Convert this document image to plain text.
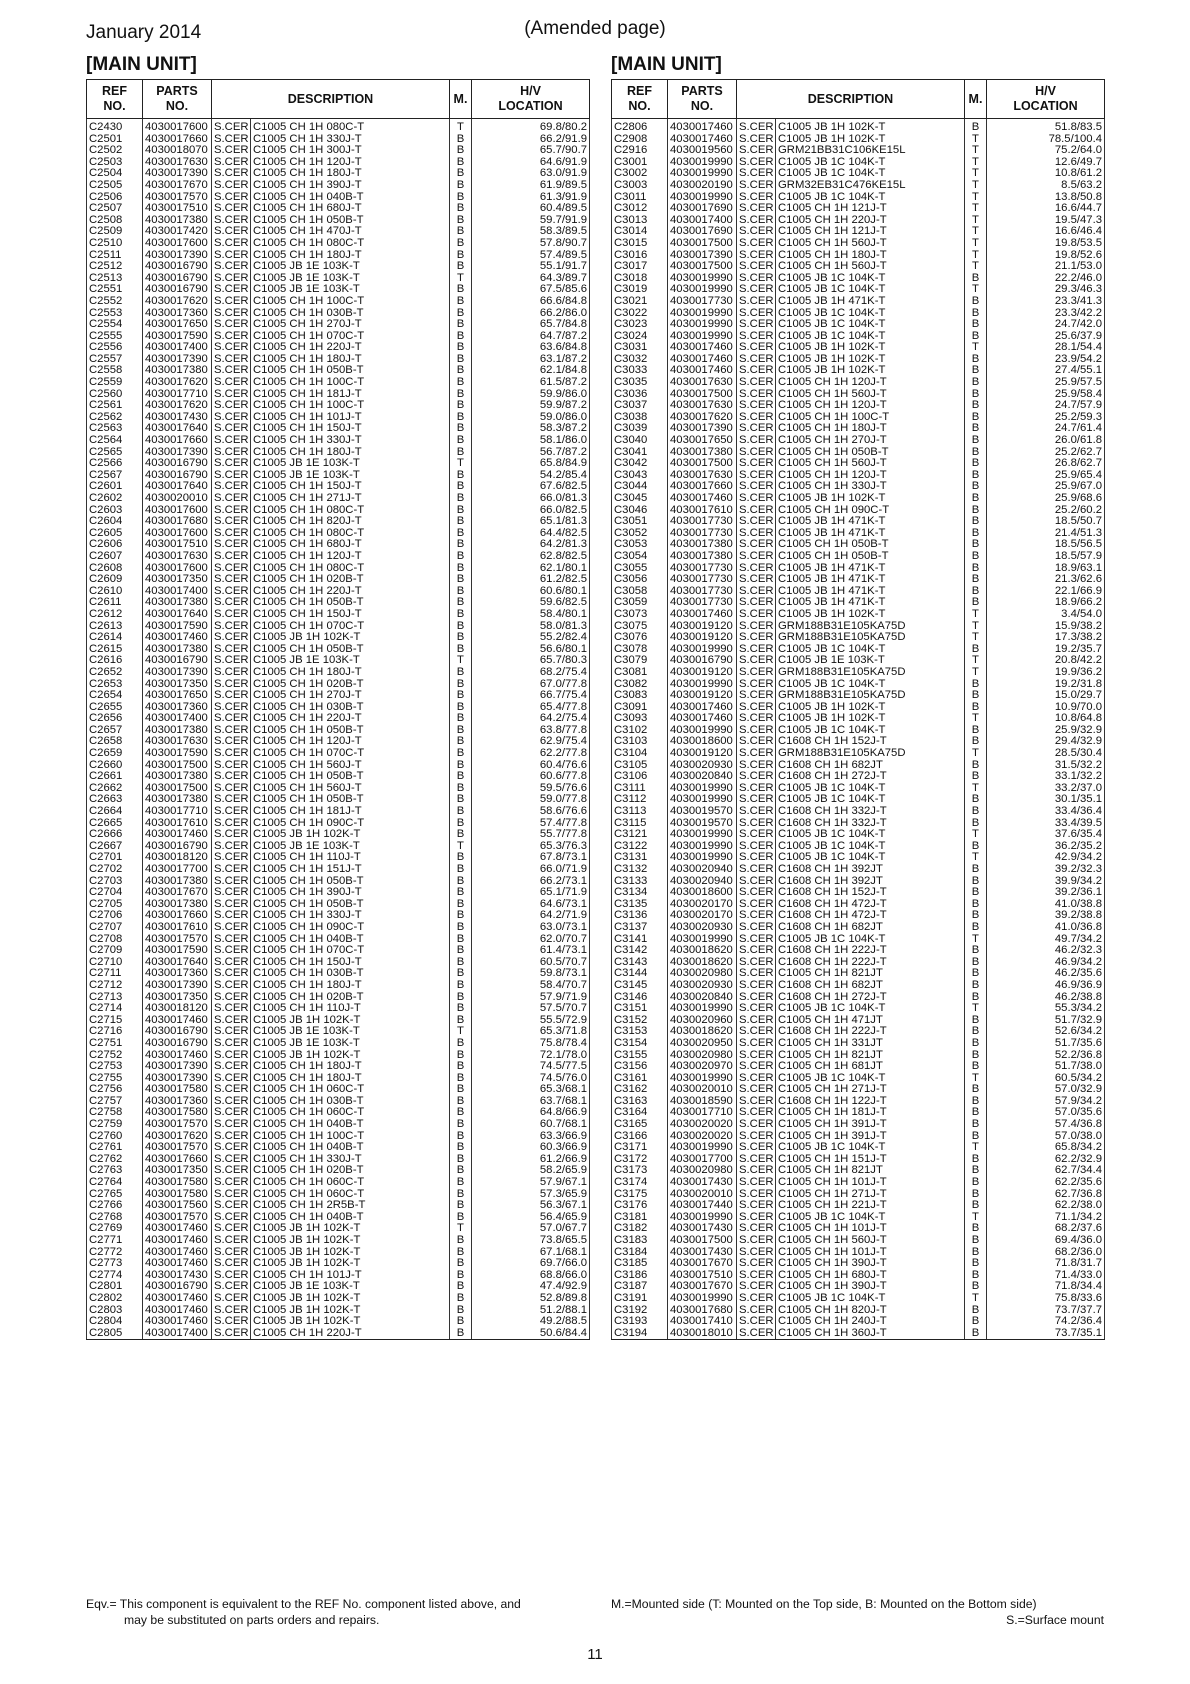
January 2014	(Amended page)
[MAIN UNIT]	[MAIN UNIT]
REF
NO.	PARTS
NO.	DESCRIPTION		M.	H/V
LOCATION
C2430	4030017600	S.CER	C1005 CH 1H 080C-T	T	69.8/80.2
C2501	4030017660	S.CER	C1005 CH 1H 330J-T	B	66.2/91.9
C2502	4030018070	S.CER	C1005 CH 1H 300J-T	B	65.7/90.7
C2503	4030017630	S.CER	C1005 CH 1H 120J-T	B	64.6/91.9
C2504	4030017390	S.CER	C1005 CH 1H 180J-T	B	63.0/91.9
C2505	4030017670	S.CER	C1005 CH 1H 390J-T	B	61.9/89.5
C2506	4030017570	S.CER	C1005 CH 1H 040B-T	B	61.3/91.9
C2507	4030017510	S.CER	C1005 CH 1H 680J-T	B	60.4/89.5
C2508	4030017380	S.CER	C1005 CH 1H 050B-T	B	59.7/91.9
C2509	4030017420	S.CER	C1005 CH 1H 470J-T	B	58.3/89.5
C2510	4030017600	S.CER	C1005 CH 1H 080C-T	B	57.8/90.7
C2511	4030017390	S.CER	C1005 CH 1H 180J-T	B	57.4/89.5
C2512	4030016790	S.CER	C1005 JB 1E 103K-T	B	55.1/91.7
C2513	4030016790	S.CER	C1005 JB 1E 103K-T	T	64.3/89.7
C2551	4030016790	S.CER	C1005 JB 1E 103K-T	B	67.5/85.6
C2552	4030017620	S.CER	C1005 CH 1H 100C-T	B	66.6/84.8
C2553	4030017360	S.CER	C1005 CH 1H 030B-T	B	66.2/86.0
C2554	4030017650	S.CER	C1005 CH 1H 270J-T	B	65.7/84.8
C2555	4030017590	S.CER	C1005 CH 1H 070C-T	B	64.7/87.2
C2556	4030017400	S.CER	C1005 CH 1H 220J-T	B	63.6/84.8
C2557	4030017390	S.CER	C1005 CH 1H 180J-T	B	63.1/87.2
C2558	4030017380	S.CER	C1005 CH 1H 050B-T	B	62.1/84.8
C2559	4030017620	S.CER	C1005 CH 1H 100C-T	B	61.5/87.2
C2560	4030017710	S.CER	C1005 CH 1H 181J-T	B	59.9/86.0
C2561	4030017620	S.CER	C1005 CH 1H 100C-T	B	59.9/87.2
C2562	4030017430	S.CER	C1005 CH 1H 101J-T	B	59.0/86.0
C2563	4030017640	S.CER	C1005 CH 1H 150J-T	B	58.3/87.2
C2564	4030017660	S.CER	C1005 CH 1H 330J-T	B	58.1/86.0
C2565	4030017390	S.CER	C1005 CH 1H 180J-T	B	56.7/87.2
C2566	4030016790	S.CER	C1005 JB 1E 103K-T	T	65.8/84.9
C2567	4030016790	S.CER	C1005 JB 1E 103K-T	B	54.2/85.4
C2601	4030017640	S.CER	C1005 CH 1H 150J-T	B	67.6/82.5
C2602	4030020010	S.CER	C1005 CH 1H 271J-T	B	66.0/81.3
C2603	4030017600	S.CER	C1005 CH 1H 080C-T	B	66.0/82.5
C2604	4030017680	S.CER	C1005 CH 1H 820J-T	B	65.1/81.3
C2605	4030017600	S.CER	C1005 CH 1H 080C-T	B	64.4/82.5
C2606	4030017510	S.CER	C1005 CH 1H 680J-T	B	64.2/81.3
C2607	4030017630	S.CER	C1005 CH 1H 120J-T	B	62.8/82.5
C2608	4030017600	S.CER	C1005 CH 1H 080C-T	B	62.1/80.1
C2609	4030017350	S.CER	C1005 CH 1H 020B-T	B	61.2/82.5
C2610	4030017400	S.CER	C1005 CH 1H 220J-T	B	60.6/80.1
C2611	4030017380	S.CER	C1005 CH 1H 050B-T	B	59.6/82.5
C2612	4030017640	S.CER	C1005 CH 1H 150J-T	B	58.4/80.1
C2613	4030017590	S.CER	C1005 CH 1H 070C-T	B	58.0/81.3
C2614	4030017460	S.CER	C1005 JB 1H 102K-T	B	55.2/82.4
C2615	4030017380	S.CER	C1005 CH 1H 050B-T	B	56.6/80.1
C2616	4030016790	S.CER	C1005 JB 1E 103K-T	T	65.7/80.3
C2652	4030017390	S.CER	C1005 CH 1H 180J-T	B	68.2/75.4
C2653	4030017350	S.CER	C1005 CH 1H 020B-T	B	67.0/77.8
C2654	4030017650	S.CER	C1005 CH 1H 270J-T	B	66.7/75.4
C2655	4030017360	S.CER	C1005 CH 1H 030B-T	B	65.4/77.8
C2656	4030017400	S.CER	C1005 CH 1H 220J-T	B	64.2/75.4
C2657	4030017380	S.CER	C1005 CH 1H 050B-T	B	63.8/77.8
C2658	4030017630	S.CER	C1005 CH 1H 120J-T	B	62.9/75.4
C2659	4030017590	S.CER	C1005 CH 1H 070C-T	B	62.2/77.8
C2660	4030017500	S.CER	C1005 CH 1H 560J-T	B	60.4/76.6
C2661	4030017380	S.CER	C1005 CH 1H 050B-T	B	60.6/77.8
C2662	4030017500	S.CER	C1005 CH 1H 560J-T	B	59.5/76.6
C2663	4030017380	S.CER	C1005 CH 1H 050B-T	B	59.0/77.8
C2664	4030017710	S.CER	C1005 CH 1H 181J-T	B	58.6/76.6
C2665	4030017610	S.CER	C1005 CH 1H 090C-T	B	57.4/77.8
C2666	4030017460	S.CER	C1005 JB 1H 102K-T	B	55.7/77.8
C2667	4030016790	S.CER	C1005 JB 1E 103K-T	T	65.3/76.3
C2701	4030018120	S.CER	C1005 CH 1H 110J-T	B	67.8/73.1
C2702	4030017700	S.CER	C1005 CH 1H 151J-T	B	66.0/71.9
C2703	4030017380	S.CER	C1005 CH 1H 050B-T	B	66.2/73.1
C2704	4030017670	S.CER	C1005 CH 1H 390J-T	B	65.1/71.9
C2705	4030017380	S.CER	C1005 CH 1H 050B-T	B	64.6/73.1
C2706	4030017660	S.CER	C1005 CH 1H 330J-T	B	64.2/71.9
C2707	4030017610	S.CER	C1005 CH 1H 090C-T	B	63.0/73.1
C2708	4030017570	S.CER	C1005 CH 1H 040B-T	B	62.0/70.7
C2709	4030017590	S.CER	C1005 CH 1H 070C-T	B	61.4/73.1
C2710	4030017640	S.CER	C1005 CH 1H 150J-T	B	60.5/70.7
C2711	4030017360	S.CER	C1005 CH 1H 030B-T	B	59.8/73.1
C2712	4030017390	S.CER	C1005 CH 1H 180J-T	B	58.4/70.7
C2713	4030017350	S.CER	C1005 CH 1H 020B-T	B	57.9/71.9
C2714	4030018120	S.CER	C1005 CH 1H 110J-T	B	57.5/70.7
C2715	4030017460	S.CER	C1005 JB 1H 102K-T	B	55.5/72.9
C2716	4030016790	S.CER	C1005 JB 1E 103K-T	T	65.3/71.8
C2751	4030016790	S.CER	C1005 JB 1E 103K-T	B	75.8/78.4
C2752	4030017460	S.CER	C1005 JB 1H 102K-T	B	72.1/78.0
C2753	4030017390	S.CER	C1005 CH 1H 180J-T	B	74.5/77.5
C2755	4030017390	S.CER	C1005 CH 1H 180J-T	B	74.5/76.0
C2756	4030017580	S.CER	C1005 CH 1H 060C-T	B	65.3/68.1
C2757	4030017360	S.CER	C1005 CH 1H 030B-T	B	63.7/68.1
C2758	4030017580	S.CER	C1005 CH 1H 060C-T	B	64.8/66.9
C2759	4030017570	S.CER	C1005 CH 1H 040B-T	B	60.7/68.1
C2760	4030017620	S.CER	C1005 CH 1H 100C-T	B	63.3/66.9
C2761	4030017570	S.CER	C1005 CH 1H 040B-T	B	60.3/66.9
C2762	4030017660	S.CER	C1005 CH 1H 330J-T	B	61.2/66.9
C2763	4030017350	S.CER	C1005 CH 1H 020B-T	B	58.2/65.9
C2764	4030017580	S.CER	C1005 CH 1H 060C-T	B	57.9/67.1
C2765	4030017580	S.CER	C1005 CH 1H 060C-T	B	57.3/65.9
C2766	4030017560	S.CER	C1005 CH 1H 2R5B-T	B	56.3/67.1
C2768	4030017570	S.CER	C1005 CH 1H 040B-T	B	56.4/65.9
C2769	4030017460	S.CER	C1005 JB 1H 102K-T	T	57.0/67.7
C2771	4030017460	S.CER	C1005 JB 1H 102K-T	B	73.8/65.5
C2772	4030017460	S.CER	C1005 JB 1H 102K-T	B	67.1/68.1
C2773	4030017460	S.CER	C1005 JB 1H 102K-T	B	69.7/66.0
C2774	4030017430	S.CER	C1005 CH 1H 101J-T	B	68.8/66.0
C2801	4030016790	S.CER	C1005 JB 1E 103K-T	B	47.4/92.9
C2802	4030017460	S.CER	C1005 JB 1H 102K-T	B	52.8/89.8
C2803	4030017460	S.CER	C1005 JB 1H 102K-T	B	51.2/88.1
C2804	4030017460	S.CER	C1005 JB 1H 102K-T	B	49.2/88.5
C2805	4030017400	S.CER	C1005 CH 1H 220J-T	B	50.6/84.4
REF
NO.	PARTS
NO.	DESCRIPTION		M.	H/V
LOCATION
C2806	4030017460	S.CER	C1005 JB 1H 102K-T	B	51.8/83.5
C2908	4030017460	S.CER	C1005 JB 1H 102K-T	T	78.5/100.4
C2916	4030019560	S.CER	GRM21BB31C106KE15L	T	75.2/64.0
C3001	4030019990	S.CER	C1005 JB 1C 104K-T	T	12.6/49.7
C3002	4030019990	S.CER	C1005 JB 1C 104K-T	T	10.8/61.2
C3003	4030020190	S.CER	GRM32EB31C476KE15L	T	8.5/63.2
C3011	4030019990	S.CER	C1005 JB 1C 104K-T	T	13.8/50.8
C3012	4030017690	S.CER	C1005 CH 1H 121J-T	T	16.6/44.7
C3013	4030017400	S.CER	C1005 CH 1H 220J-T	T	19.5/47.3
C3014	4030017690	S.CER	C1005 CH 1H 121J-T	T	16.6/46.4
C3015	4030017500	S.CER	C1005 CH 1H 560J-T	T	19.8/53.5
C3016	4030017390	S.CER	C1005 CH 1H 180J-T	T	19.8/52.6
C3017	4030017500	S.CER	C1005 CH 1H 560J-T	T	21.1/53.0
C3018	4030019990	S.CER	C1005 JB 1C 104K-T	B	22.2/46.0
C3019	4030019990	S.CER	C1005 JB 1C 104K-T	T	29.3/46.3
C3021	4030017730	S.CER	C1005 JB 1H 471K-T	B	23.3/41.3
C3022	4030019990	S.CER	C1005 JB 1C 104K-T	B	23.3/42.2
C3023	4030019990	S.CER	C1005 JB 1C 104K-T	B	24.7/42.0
C3024	4030019990	S.CER	C1005 JB 1C 104K-T	B	25.6/37.9
C3031	4030017460	S.CER	C1005 JB 1H 102K-T	T	28.1/54.4
C3032	4030017460	S.CER	C1005 JB 1H 102K-T	B	23.9/54.2
C3033	4030017460	S.CER	C1005 JB 1H 102K-T	B	27.4/55.1
C3035	4030017630	S.CER	C1005 CH 1H 120J-T	B	25.9/57.5
C3036	4030017500	S.CER	C1005 CH 1H 560J-T	B	25.9/58.4
C3037	4030017630	S.CER	C1005 CH 1H 120J-T	B	24.7/57.9
C3038	4030017620	S.CER	C1005 CH 1H 100C-T	B	25.2/59.3
C3039	4030017390	S.CER	C1005 CH 1H 180J-T	B	24.7/61.4
C3040	4030017650	S.CER	C1005 CH 1H 270J-T	B	26.0/61.8
C3041	4030017380	S.CER	C1005 CH 1H 050B-T	B	25.2/62.7
C3042	4030017500	S.CER	C1005 CH 1H 560J-T	B	26.8/62.7
C3043	4030017630	S.CER	C1005 CH 1H 120J-T	B	25.9/65.4
C3044	4030017660	S.CER	C1005 CH 1H 330J-T	B	25.9/67.0
C3045	4030017460	S.CER	C1005 JB 1H 102K-T	B	25.9/68.6
C3046	4030017610	S.CER	C1005 CH 1H 090C-T	B	25.2/60.2
C3051	4030017730	S.CER	C1005 JB 1H 471K-T	B	18.5/50.7
C3052	4030017730	S.CER	C1005 JB 1H 471K-T	B	21.4/51.3
C3053	4030017380	S.CER	C1005 CH 1H 050B-T	B	18.5/56.5
C3054	4030017380	S.CER	C1005 CH 1H 050B-T	B	18.5/57.9
C3055	4030017730	S.CER	C1005 JB 1H 471K-T	B	18.9/63.1
C3056	4030017730	S.CER	C1005 JB 1H 471K-T	B	21.3/62.6
C3058	4030017730	S.CER	C1005 JB 1H 471K-T	B	22.1/66.9
C3059	4030017730	S.CER	C1005 JB 1H 471K-T	B	18.9/66.2
C3073	4030017460	S.CER	C1005 JB 1H 102K-T	T	3.4/54.0
C3075	4030019120	S.CER	GRM188B31E105KA75D	T	15.9/38.2
C3076	4030019120	S.CER	GRM188B31E105KA75D	T	17.3/38.2
C3078	4030019990	S.CER	C1005 JB 1C 104K-T	B	19.2/35.7
C3079	4030016790	S.CER	C1005 JB 1E 103K-T	T	20.8/42.2
C3081	4030019120	S.CER	GRM188B31E105KA75D	T	19.9/36.2
C3082	4030019990	S.CER	C1005 JB 1C 104K-T	B	19.2/31.8
C3083	4030019120	S.CER	GRM188B31E105KA75D	B	15.0/29.7
C3091	4030017460	S.CER	C1005 JB 1H 102K-T	B	10.9/70.0
C3093	4030017460	S.CER	C1005 JB 1H 102K-T	T	10.8/64.8
C3102	4030019990	S.CER	C1005 JB 1C 104K-T	B	25.9/32.9
C3103	4030018600	S.CER	C1608 CH 1H 152J-T	B	29.4/32.9
C3104	4030019120	S.CER	GRM188B31E105KA75D	T	28.5/30.4
C3105	4030020930	S.CER	C1608 CH 1H 682JT	B	31.5/32.2
C3106	4030020840	S.CER	C1608 CH 1H 272J-T	B	33.1/32.2
C3111	4030019990	S.CER	C1005 JB 1C 104K-T	T	33.2/37.0
C3112	4030019990	S.CER	C1005 JB 1C 104K-T	B	30.1/35.1
C3113	4030019570	S.CER	C1608 CH 1H 332J-T	B	33.4/36.4
C3115	4030019570	S.CER	C1608 CH 1H 332J-T	B	33.4/39.5
C3121	4030019990	S.CER	C1005 JB 1C 104K-T	T	37.6/35.4
C3122	4030019990	S.CER	C1005 JB 1C 104K-T	B	36.2/35.2
C3131	4030019990	S.CER	C1005 JB 1C 104K-T	T	42.9/34.2
C3132	4030020940	S.CER	C1608 CH 1H 392JT	B	39.2/32.3
C3133	4030020940	S.CER	C1608 CH 1H 392JT	B	39.9/34.2
C3134	4030018600	S.CER	C1608 CH 1H 152J-T	B	39.2/36.1
C3135	4030020170	S.CER	C1608 CH 1H 472J-T	B	41.0/38.8
C3136	4030020170	S.CER	C1608 CH 1H 472J-T	B	39.2/38.8
C3137	4030020930	S.CER	C1608 CH 1H 682JT	B	41.0/36.8
C3141	4030019990	S.CER	C1005 JB 1C 104K-T	T	49.7/34.2
C3142	4030018620	S.CER	C1608 CH 1H 222J-T	B	46.2/32.3
C3143	4030018620	S.CER	C1608 CH 1H 222J-T	B	46.9/34.2
C3144	4030020980	S.CER	C1005 CH 1H 821JT	B	46.2/35.6
C3145	4030020930	S.CER	C1608 CH 1H 682JT	B	46.9/36.9
C3146	4030020840	S.CER	C1608 CH 1H 272J-T	B	46.2/38.8
C3151	4030019990	S.CER	C1005 JB 1C 104K-T	T	55.3/34.2
C3152	4030020960	S.CER	C1005 CH 1H 471JT	B	51.7/32.9
C3153	4030018620	S.CER	C1608 CH 1H 222J-T	B	52.6/34.2
C3154	4030020950	S.CER	C1005 CH 1H 331JT	B	51.7/35.6
C3155	4030020980	S.CER	C1005 CH 1H 821JT	B	52.2/36.8
C3156	4030020970	S.CER	C1005 CH 1H 681JT	B	51.7/38.0
C3161	4030019990	S.CER	C1005 JB 1C 104K-T	T	60.5/34.2
C3162	4030020010	S.CER	C1005 CH 1H 271J-T	B	57.0/32.9
C3163	4030018590	S.CER	C1608 CH 1H 122J-T	B	57.9/34.2
C3164	4030017710	S.CER	C1005 CH 1H 181J-T	B	57.0/35.6
C3165	4030020020	S.CER	C1005 CH 1H 391J-T	B	57.4/36.8
C3166	4030020020	S.CER	C1005 CH 1H 391J-T	B	57.0/38.0
C3171	4030019990	S.CER	C1005 JB 1C 104K-T	T	65.8/34.2
C3172	4030017700	S.CER	C1005 CH 1H 151J-T	B	62.2/32.9
C3173	4030020980	S.CER	C1005 CH 1H 821JT	B	62.7/34.4
C3174	4030017430	S.CER	C1005 CH 1H 101J-T	B	62.2/35.6
C3175	4030020010	S.CER	C1005 CH 1H 271J-T	B	62.7/36.8
C3176	4030017440	S.CER	C1005 CH 1H 221J-T	B	62.2/38.0
C3181	4030019990	S.CER	C1005 JB 1C 104K-T	T	71.1/34.2
C3182	4030017430	S.CER	C1005 CH 1H 101J-T	B	68.2/37.6
C3183	4030017500	S.CER	C1005 CH 1H 560J-T	B	69.4/36.0
C3184	4030017430	S.CER	C1005 CH 1H 101J-T	B	68.2/36.0
C3185	4030017670	S.CER	C1005 CH 1H 390J-T	B	71.8/31.7
C3186	4030017510	S.CER	C1005 CH 1H 680J-T	B	71.4/33.0
C3187	4030017670	S.CER	C1005 CH 1H 390J-T	B	71.8/34.4
C3191	4030019990	S.CER	C1005 JB 1C 104K-T	T	75.8/33.6
C3192	4030017680	S.CER	C1005 CH 1H 820J-T	B	73.7/37.7
C3193	4030017410	S.CER	C1005 CH 1H 240J-T	B	74.2/36.4
C3194	4030018010	S.CER	C1005 CH 1H 360J-T	B	73.7/35.1
Eqv.= This component is equivalent to the REF No. component listed above, and
may be substituted on parts orders and repairs.
M.=Mounted side (T: Mounted on the Top side, B: Mounted on the Bottom side)
S.=Surface mount
11
